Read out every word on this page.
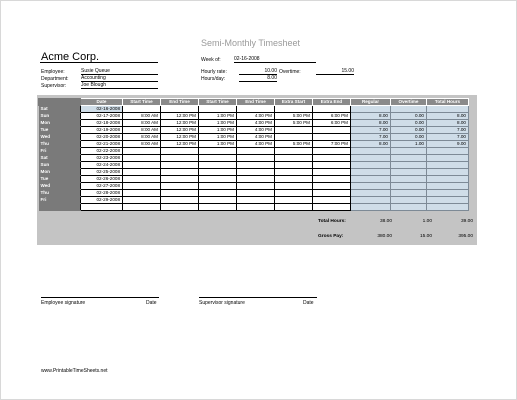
Semi-Monthly Timesheet
Acme Corp.
Employee:	Susie Queue
Department: Accounting
Supervisor:	Joe Blough
Week of:	02-16-2008
Hourly rate:	10.00 Overtime:	15.00
Hours/day:	8.00
	Date	Start Time	End Time	Start Time	End Time	Extra Start	Extra End	Regular	Overtime	Total Hours
Sat	02-16-2008									
Sun	02-17-2008	8:00 AM	12:00 PM	1:00 PM	4:00 PM	5:00 PM	6:00 PM	8.00	0.00	8.00
Mon	02-18-2008	8:00 AM	12:00 PM	1:00 PM	4:00 PM	5:00 PM	6:00 PM	8.00	0.00	8.00
Tue	02-19-2008	8:00 AM	12:00 PM	1:00 PM	4:00 PM			7.00	0.00	7.00
Wed	02-20-2008	8:00 AM	12:00 PM	1:00 PM	4:00 PM			7.00	0.00	7.00
Thu	02-21-2008	8:00 AM	12:00 PM	1:00 PM	4:00 PM	5:00 PM	7:00 PM	8.00	1.00	9.00
Fri	02-22-2008									
Sat	02-23-2008									
Sun	02-24-2008									
Mon	02-25-2008									
Tue	02-26-2008									
Wed	02-27-2008									
Thu	02-28-2008									
Fri	02-29-2008									

Total Hours:	38.00	1.00	39.00
Gross Pay:	380.00	15.00	395.00
Employee signature	Date	Supervisor signature	Date
www.PrintableTimeSheets.net
